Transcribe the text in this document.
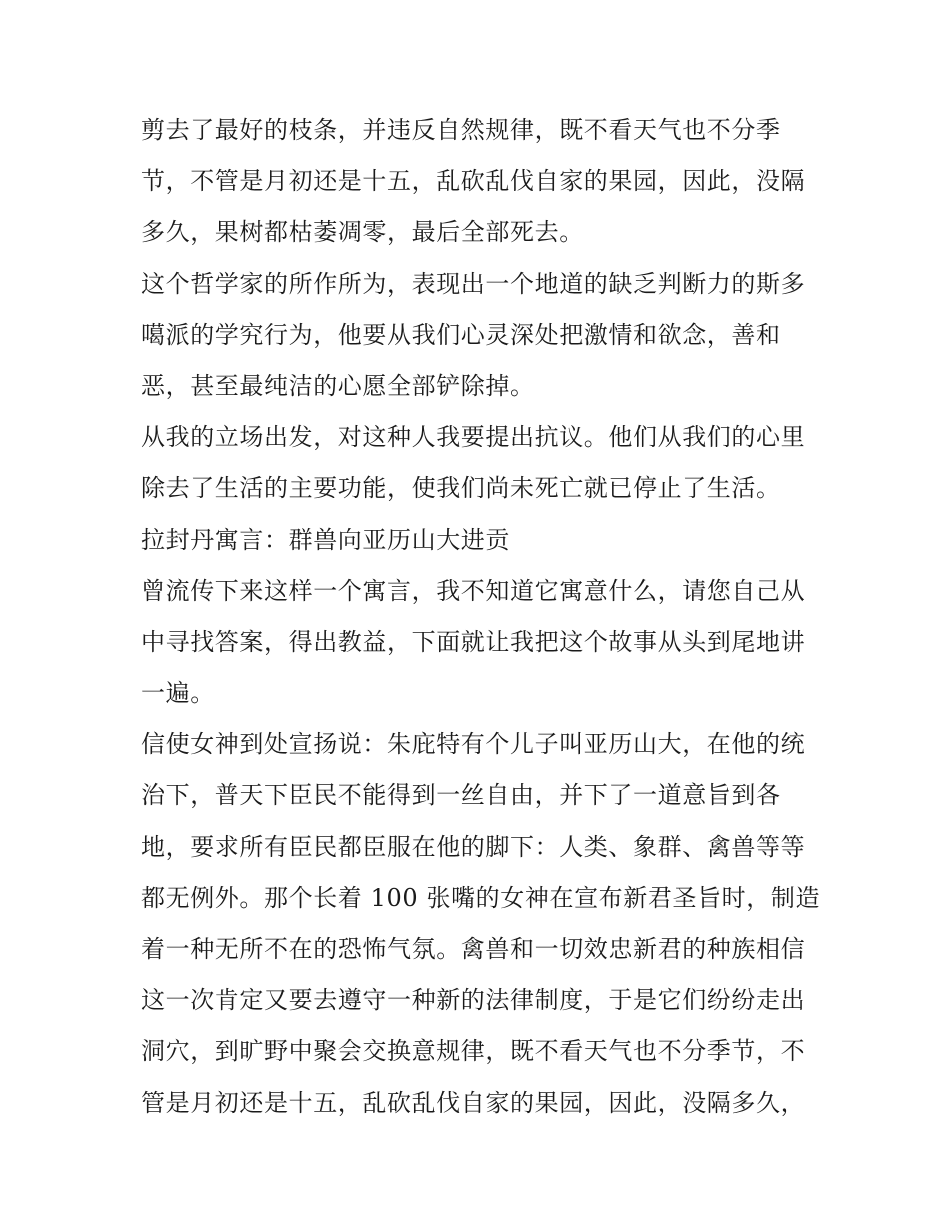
剪去了最好的枝条，并违反自然规律，既不看天气也不分季
节，不管是月初还是十五，乱砍乱伐自家的果园，因此，没隔
多久，果树都枯萎凋零，最后全部死去。
这个哲学家的所作所为，表现出一个地道的缺乏判断力的斯多
噶派的学究行为，他要从我们心灵深处把激情和欲念，善和
恶，甚至最纯洁的心愿全部铲除掉。
从我的立场出发，对这种人我要提出抗议。他们从我们的心里
除去了生活的主要功能，使我们尚未死亡就已停止了生活。
拉封丹寓言：群兽向亚历山大进贡
曾流传下来这样一个寓言，我不知道它寓意什么，请您自己从
中寻找答案，得出教益，下面就让我把这个故事从头到尾地讲
一遍。
信使女神到处宣扬说：朱庇特有个儿子叫亚历山大，在他的统
治下，普天下臣民不能得到一丝自由，并下了一道意旨到各
地，要求所有臣民都臣服在他的脚下：人类、象群、禽兽等等
都无例外。那个长着 100 张嘴的女神在宣布新君圣旨时，制造
着一种无所不在的恐怖气氛。禽兽和一切效忠新君的种族相信
这一次肯定又要去遵守一种新的法律制度，于是它们纷纷走出
洞穴，到旷野中聚会交换意规律，既不看天气也不分季节，不
管是月初还是十五，乱砍乱伐自家的果园，因此，没隔多久，
